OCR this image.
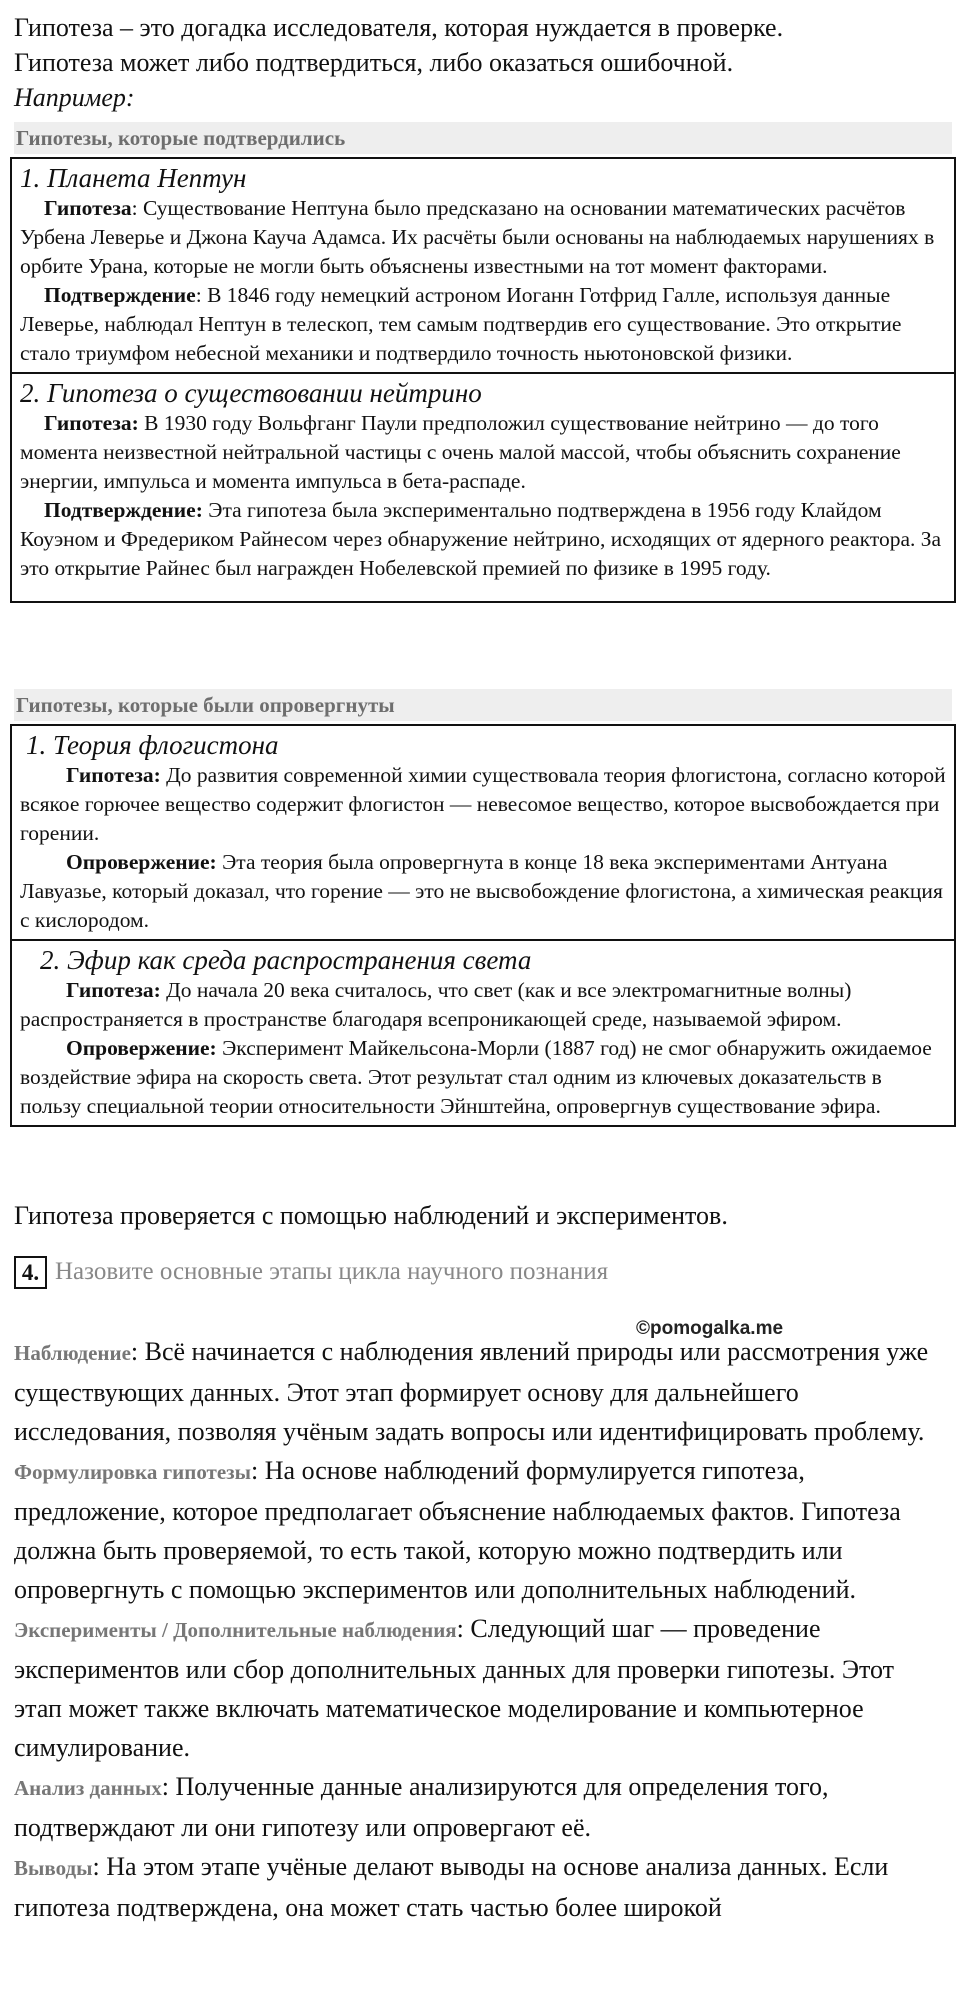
Гипотеза – это догадка исследователя, которая нуждается в проверке.
Гипотеза может либо подтвердиться, либо оказаться ошибочной.
Например:
Гипотезы, которые подтвердились
1. Планета Нептун
Гипотеза: Существование Нептуна было предсказано на основании математических расчётов Урбена Леверье и Джона Кауча Адамса. Их расчёты были основаны на наблюдаемых нарушениях в орбите Урана, которые не могли быть объяснены известными на тот момент факторами.
Подтверждение: В 1846 году немецкий астроном Иоганн Готфрид Галле, используя данные Леверье, наблюдал Нептун в телескоп, тем самым подтвердив его существование. Это открытие стало триумфом небесной механики и подтвердило точность ньютоновской физики.
2. Гипотеза о существовании нейтрино
Гипотеза: В 1930 году Вольфганг Паули предположил существование нейтрино — до того момента неизвестной нейтральной частицы с очень малой массой, чтобы объяснить сохранение энергии, импульса и момента импульса в бета-распаде.
Подтверждение: Эта гипотеза была экспериментально подтверждена в 1956 году Клайдом Коуэном и Фредериком Райнесом через обнаружение нейтрино, исходящих от ядерного реактора. За это открытие Райнес был награжден Нобелевской премией по физике в 1995 году.
Гипотезы, которые были опровергнуты
1. Теория флогистона
Гипотеза: До развития современной химии существовала теория флогистона, согласно которой всякое горючее вещество содержит флогистон — невесомое вещество, которое высвобождается при горении.
Опровержение: Эта теория была опровергнута в конце 18 века экспериментами Антуана Лавуазье, который доказал, что горение — это не высвобождение флогистона, а химическая реакция с кислородом.
2. Эфир как среда распространения света
Гипотеза: До начала 20 века считалось, что свет (как и все электромагнитные волны) распространяется в пространстве благодаря всепроникающей среде, называемой эфиром.
Опровержение: Эксперимент Майкельсона-Морли (1887 год) не смог обнаружить ожидаемое воздействие эфира на скорость света. Этот результат стал одним из ключевых доказательств в пользу специальной теории относительности Эйнштейна, опровергнув существование эфира.
Гипотеза проверяется с помощью наблюдений и экспериментов.
4. Назовите основные этапы цикла научного познания
©pomogalka.me
Наблюдение: Всё начинается с наблюдения явлений природы или рассмотрения уже существующих данных. Этот этап формирует основу для дальнейшего исследования, позволяя учёным задать вопросы или идентифицировать проблему.
Формулировка гипотезы: На основе наблюдений формулируется гипотеза, предложение, которое предполагает объяснение наблюдаемых фактов. Гипотеза должна быть проверяемой, то есть такой, которую можно подтвердить или опровергнуть с помощью экспериментов или дополнительных наблюдений.
Эксперименты / Дополнительные наблюдения: Следующий шаг — проведение экспериментов или сбор дополнительных данных для проверки гипотезы. Этот этап может также включать математическое моделирование и компьютерное симулирование.
Анализ данных: Полученные данные анализируются для определения того, подтверждают ли они гипотезу или опровергают её.
Выводы: На этом этапе учёные делают выводы на основе анализа данных. Если гипотеза подтверждена, она может стать частью более широкой
